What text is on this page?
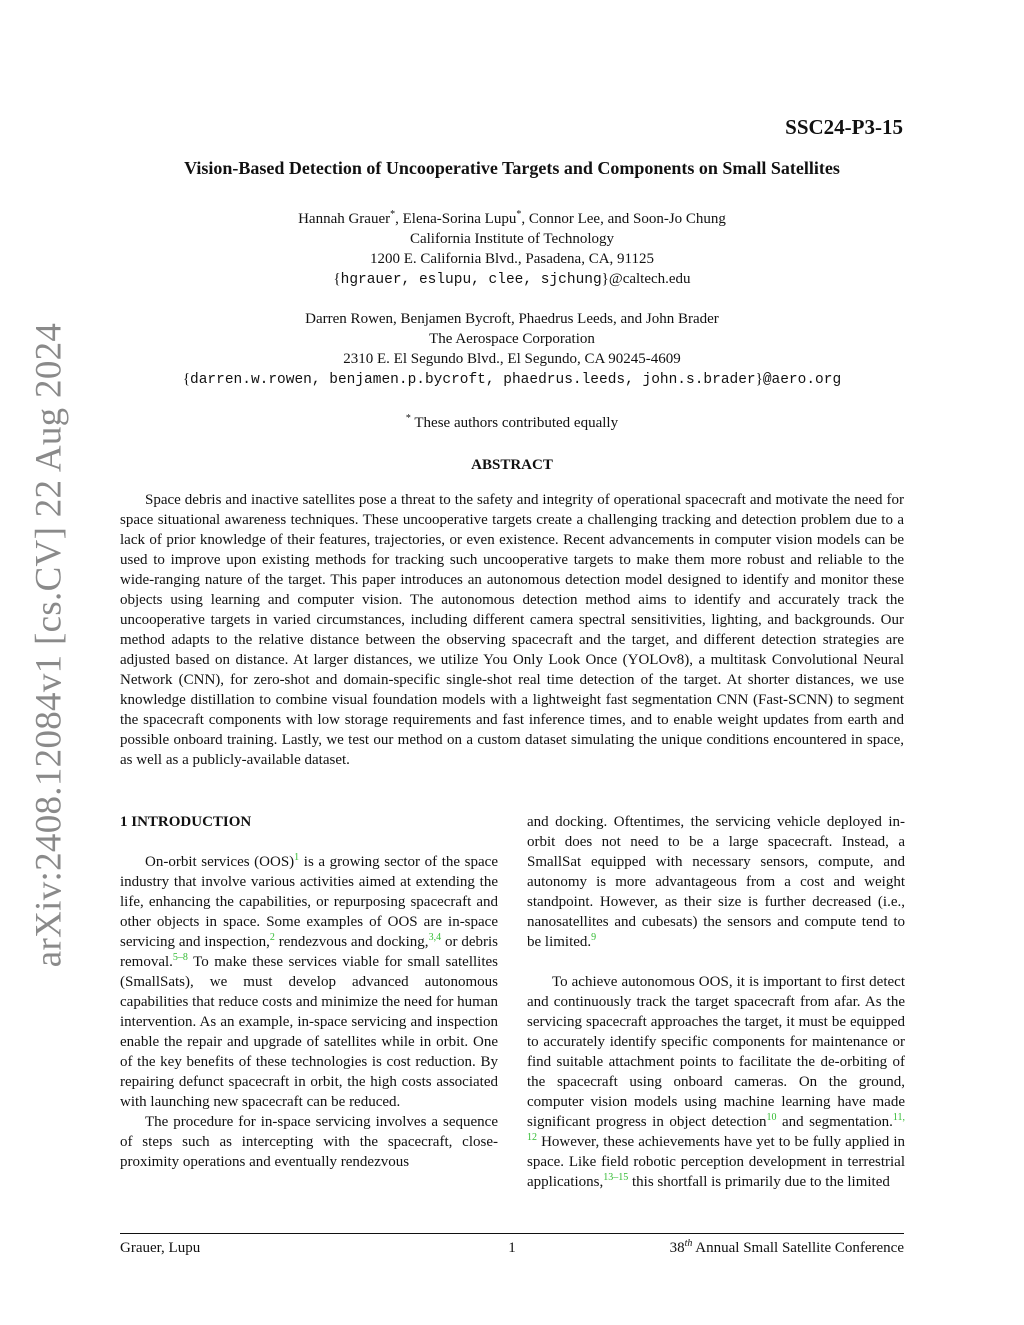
arXiv:2408.12084v1 [cs.CV] 22 Aug 2024
SSC24-P3-15
Vision-Based Detection of Uncooperative Targets and Components on Small Satellites
Hannah Grauer*, Elena-Sorina Lupu*, Connor Lee, and Soon-Jo Chung
California Institute of Technology
1200 E. California Blvd., Pasadena, CA, 91125
{hgrauer, eslupu, clee, sjchung}@caltech.edu
Darren Rowen, Benjamen Bycroft, Phaedrus Leeds, and John Brader
The Aerospace Corporation
2310 E. El Segundo Blvd., El Segundo, CA 90245-4609
{darren.w.rowen, benjamen.p.bycroft, phaedrus.leeds, john.s.brader}@aero.org
* These authors contributed equally
ABSTRACT

Space debris and inactive satellites pose a threat to the safety and integrity of operational spacecraft and motivate the need for space situational awareness techniques. These uncooperative targets create a challenging tracking and detection problem due to a lack of prior knowledge of their features, trajectories, or even existence. Recent advancements in computer vision models can be used to improve upon existing methods for tracking such uncooperative targets to make them more robust and reliable to the wide-ranging nature of the target. This paper introduces an autonomous detection model designed to identify and monitor these objects using learning and computer vision. The autonomous detection method aims to identify and accurately track the uncooperative targets in varied circumstances, including different camera spectral sensitivities, lighting, and backgrounds. Our method adapts to the relative distance between the observing spacecraft and the target, and different detection strategies are adjusted based on distance. At larger distances, we utilize You Only Look Once (YOLOv8), a multitask Convolutional Neural Network (CNN), for zero-shot and domain-specific single-shot real time detection of the target. At shorter distances, we use knowledge distillation to combine visual foundation models with a lightweight fast segmentation CNN (Fast-SCNN) to segment the spacecraft components with low storage requirements and fast inference times, and to enable weight updates from earth and possible onboard training. Lastly, we test our method on a custom dataset simulating the unique conditions encountered in space, as well as a publicly-available dataset.

1 INTRODUCTION

On-orbit services (OOS)$^1$ is a growing sector of the space industry that involve various activities aimed at extending the life, enhancing the capabilities, or repurposing spacecraft and other objects in space. Some examples of OOS are in-space servicing and inspection,$^2$ rendezvous and docking,$^{3,4}$ or debris removal.$^{5-8}$ To make these services viable for small satellites (SmallSats), we must develop advanced autonomous capabilities that reduce costs and minimize the need for human intervention. As an example, in-space servicing and inspection enable the repair and upgrade of satellites while in orbit. One of the key benefits of these technologies is cost reduction. By repairing defunct spacecraft in orbit, the high costs associated with launching new spacecraft can be reduced.

The procedure for in-space servicing involves a sequence of steps such as intercepting with the spacecraft, close-proximity operations and eventually rendezvous

and docking. Oftentimes, the servicing vehicle deployed in-orbit does not need to be a large spacecraft. Instead, a SmallSat equipped with necessary sensors, compute, and autonomy is more advantageous from a cost and weight standpoint. However, as their size is further decreased (i.e., nanosatellites and cubesats) the sensors and compute tend to be limited.$^9$

To achieve autonomous OOS, it is important to first detect and continuously track the target spacecraft from afar. As the servicing spacecraft approaches the target, it must be equipped to accurately identify specific components for maintenance or find suitable attachment points to facilitate the de-orbiting of the spacecraft using onboard cameras. On the ground, computer vision models using machine learning have made significant progress in object detection$^{10}$ and segmentation.$^{11, 12}$ However, these achievements have yet to be fully applied in space. Like field robotic perception development in terrestrial applications,$^{13-15}$ this shortfall is primarily due to the limited

Grauer, Lupu	1	38th Annual Small Satellite Conference
